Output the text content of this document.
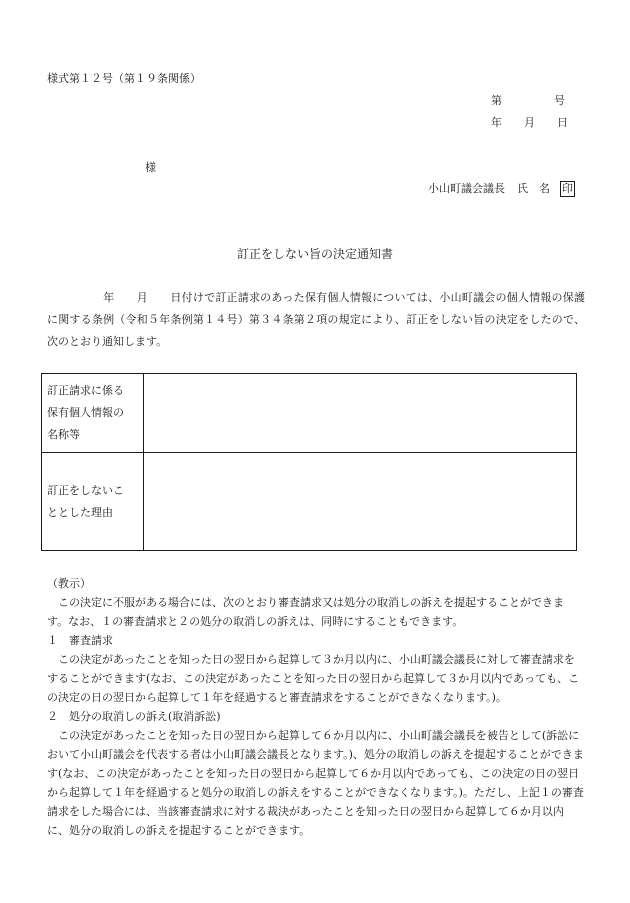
様式第１２号（第１９条関係）
第	号
年 月 日
様
小山町議会議長 氏　名 印
訂正をしない旨の決定通知書
　　　　　年　　月　　日付けで訂正請求のあった保有個人情報については、小山町議会の個人情報の保護に関する条例（令和５年条例第１４号）第３４条第２項の規定により、訂正をしない旨の決定をしたので、次のとおり通知します。
訂正請求に係る
保有個人情報の
名称等	

訂正をしないこ
ととした理由	

（教示）

この決定に不服がある場合には、次のとおり審査請求又は処分の取消しの訴えを提起することができます。なお、１の審査請求と２の処分の取消しの訴えは、同時にすることもできます。

１　審査請求

この決定があったことを知った日の翌日から起算して３か月以内に、小山町議会議長に対して審査請求をすることができます(なお、この決定があったことを知った日の翌日から起算して３か月以内であっても、この決定の日の翌日から起算して１年を経過すると審査請求をすることができなくなります。)。

２　処分の取消しの訴え(取消訴訟)

この決定があったことを知った日の翌日から起算して６か月以内に、小山町議会議長を被告として(訴訟において小山町議会を代表する者は小山町議会議長となります。)、処分の取消しの訴えを提起することができます(なお、この決定があったことを知った日の翌日から起算して６か月以内であっても、この決定の日の翌日から起算して１年を経過すると処分の取消しの訴えをすることができなくなります。)。ただし、上記１の審査請求をした場合には、当該審査請求に対する裁決があったことを知った日の翌日から起算して６か月以内に、処分の取消しの訴えを提起することができます。
